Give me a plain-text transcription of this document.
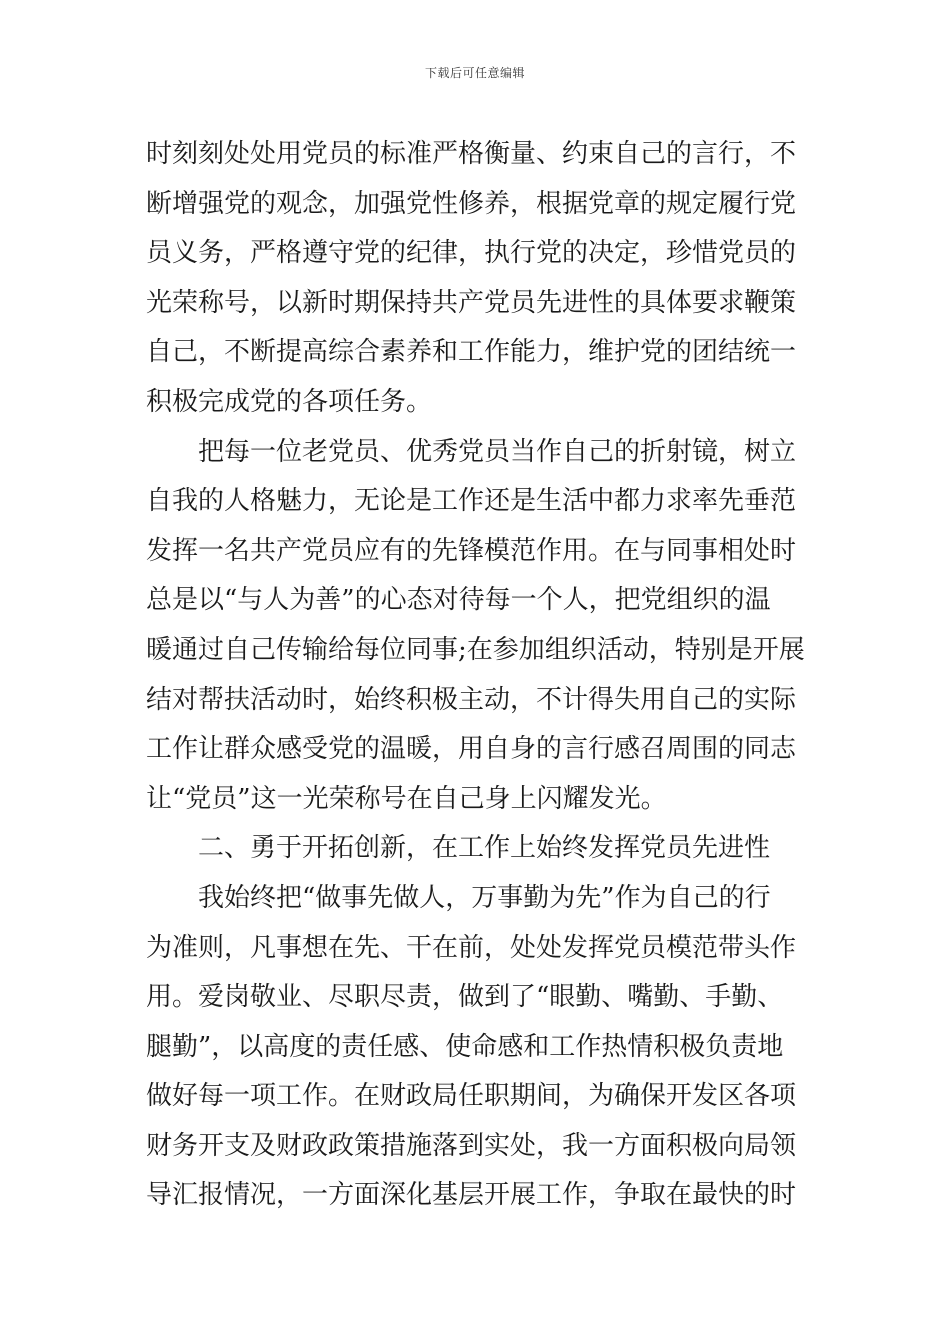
下载后可任意编辑
时刻刻处处用党员的标准严格衡量、约束自己的言行，不
断增强党的观念，加强党性修养，根据党章的规定履行党
员义务，严格遵守党的纪律，执行党的决定，珍惜党员的
光荣称号，以新时期保持共产党员先进性的具体要求鞭策
自己，不断提高综合素养和工作能力，维护党的团结统一
积极完成党的各项任务。
把每一位老党员、优秀党员当作自己的折射镜，树立
自我的人格魅力，无论是工作还是生活中都力求率先垂范
发挥一名共产党员应有的先锋模范作用。在与同事相处时
总是以“与人为善”的心态对待每一个人，把党组织的温
暖通过自己传输给每位同事;在参加组织活动，特别是开展
结对帮扶活动时，始终积极主动，不计得失用自己的实际
工作让群众感受党的温暖，用自身的言行感召周围的同志
让“党员”这一光荣称号在自己身上闪耀发光。
二、勇于开拓创新，在工作上始终发挥党员先进性
我始终把“做事先做人，万事勤为先”作为自己的行
为准则，凡事想在先、干在前，处处发挥党员模范带头作
用。爱岗敬业、尽职尽责，做到了“眼勤、嘴勤、手勤、
腿勤”，以高度的责任感、使命感和工作热情积极负责地
做好每一项工作。在财政局任职期间，为确保开发区各项
财务开支及财政政策措施落到实处，我一方面积极向局领
导汇报情况，一方面深化基层开展工作，争取在最快的时
